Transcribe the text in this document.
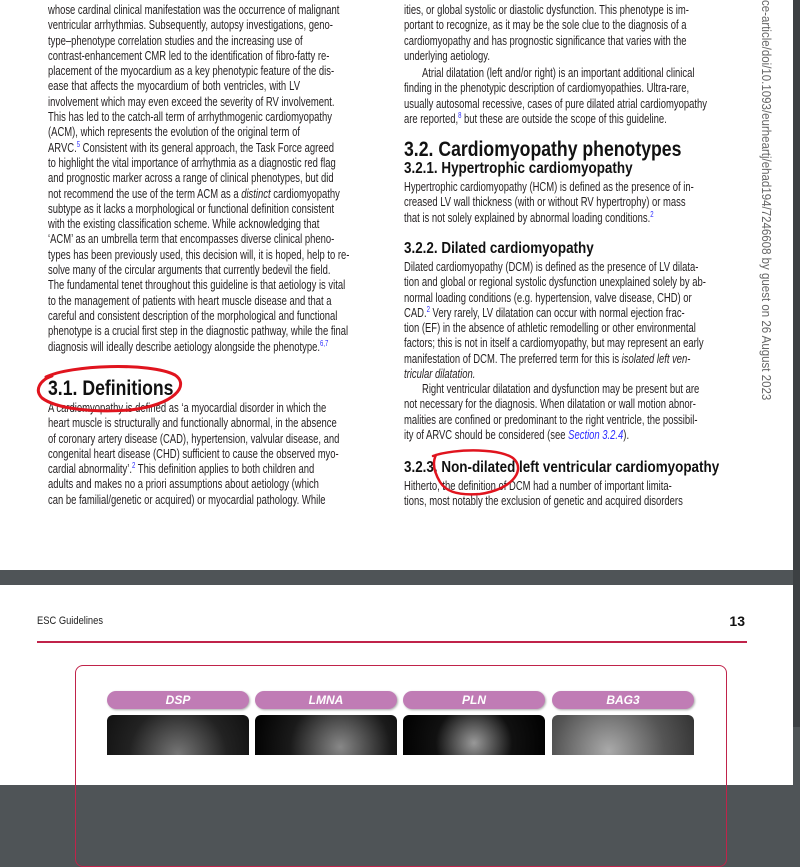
whose cardinal clinical manifestation was the occurrence of malignant
ventricular arrhythmias. Subsequently, autopsy investigations, geno-
type–phenotype correlation studies and the increasing use of
contrast-enhancement CMR led to the identification of fibro-fatty re-
placement of the myocardium as a key phenotypic feature of the dis-
ease that affects the myocardium of both ventricles, with LV
involvement which may even exceed the severity of RV involvement.
This has led to the catch-all term of arrhythmogenic cardiomyopathy
(ACM), which represents the evolution of the original term of
ARVC.$^5$ Consistent with its general approach, the Task Force agreed
to highlight the vital importance of arrhythmia as a diagnostic red flag
and prognostic marker across a range of clinical phenotypes, but did
not recommend the use of the term ACM as a distinct cardiomyopathy
subtype as it lacks a morphological or functional definition consistent
with the existing classification scheme. While acknowledging that
‘ACM’ as an umbrella term that encompasses diverse clinical pheno-
types has been previously used, this decision will, it is hoped, help to re-
solve many of the circular arguments that currently bedevil the field.
The fundamental tenet throughout this guideline is that aetiology is vital
to the management of patients with heart muscle disease and that a
careful and consistent description of the morphological and functional
phenotype is a crucial first step in the diagnostic pathway, while the final
diagnosis will ideally describe aetiology alongside the phenotype.$^{6,7}$
3.1. Definitions
A cardiomyopathy is defined as ‘a myocardial disorder in which the
heart muscle is structurally and functionally abnormal, in the absence
of coronary artery disease (CAD), hypertension, valvular disease, and
congenital heart disease (CHD) sufficient to cause the observed myo-
cardial abnormality’.$^2$ This definition applies to both children and
adults and makes no a priori assumptions about aetiology (which
can be familial/genetic or acquired) or myocardial pathology. While
ities, or global systolic or diastolic dysfunction. This phenotype is im-
portant to recognize, as it may be the sole clue to the diagnosis of a
cardiomyopathy and has prognostic significance that varies with the
underlying aetiology.
Atrial dilatation (left and/or right) is an important additional clinical
finding in the phenotypic description of cardiomyopathies. Ultra-rare,
usually autosomal recessive, cases of pure dilated atrial cardiomyopathy
are reported,$^8$ but these are outside the scope of this guideline.
3.2. Cardiomyopathy phenotypes
3.2.1. Hypertrophic cardiomyopathy
Hypertrophic cardiomyopathy (HCM) is defined as the presence of in-
creased LV wall thickness (with or without RV hypertrophy) or mass
that is not solely explained by abnormal loading conditions.$^2$
3.2.2. Dilated cardiomyopathy
Dilated cardiomyopathy (DCM) is defined as the presence of LV dilata-
tion and global or regional systolic dysfunction unexplained solely by ab-
normal loading conditions (e.g. hypertension, valve disease, CHD) or
CAD.$^2$ Very rarely, LV dilatation can occur with normal ejection frac-
tion (EF) in the absence of athletic remodelling or other environmental
factors; this is not in itself a cardiomyopathy, but may represent an early
manifestation of DCM. The preferred term for this is isolated left ven-
tricular dilatation.
Right ventricular dilatation and dysfunction may be present but are
not necessary for the diagnosis. When dilatation or wall motion abnor-
malities are confined or predominant to the right ventricle, the possibil-
ity of ARVC should be considered (see Section 3.2.4).
3.2.3. Non-dilated left ventricular cardiomyopathy
Hitherto, the definition of DCM had a number of important limita-
tions, most notably the exclusion of genetic and acquired disorders
ce-article/doi/10.1093/eurheartj/ehad194/7246608 by guest on 26 August 2023
ESC Guidelines	13
DSP	LMNA	PLN	BAG3
